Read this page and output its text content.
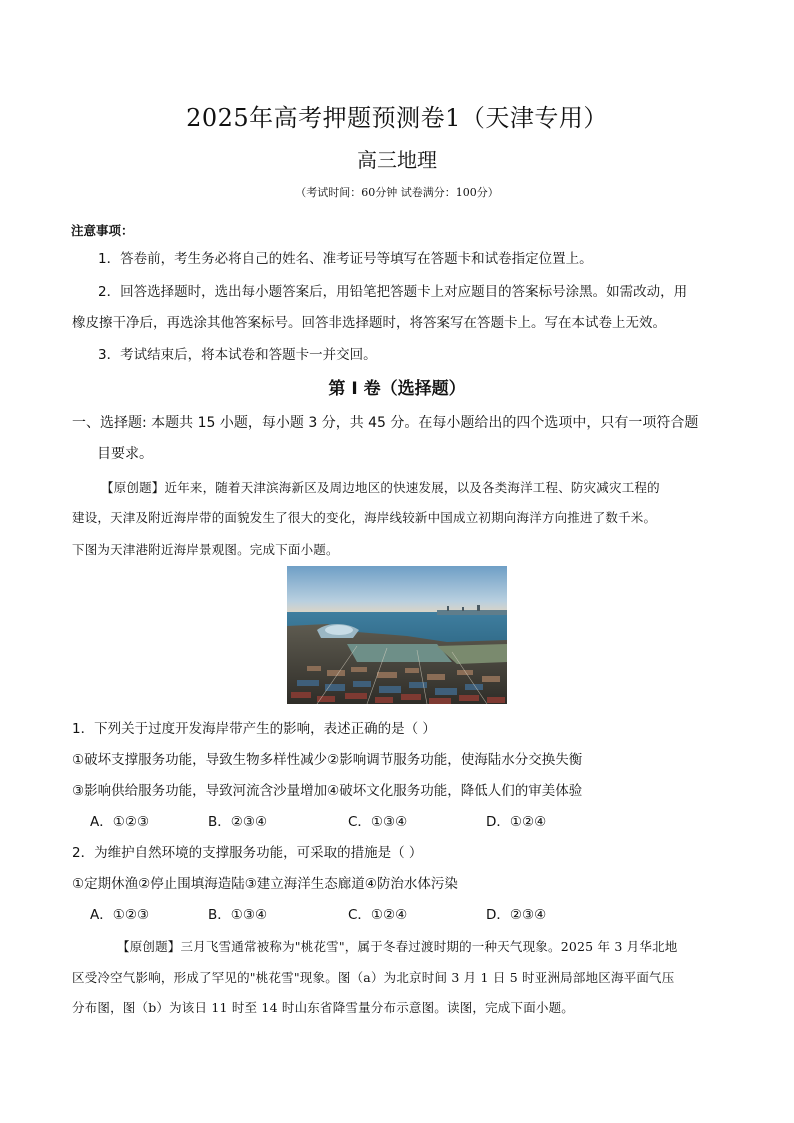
2025年高考押题预测卷1（天津专用）
高三地理
（考试时间：60分钟 试卷满分：100分）
注意事项：
1．答卷前，考生务必将自己的姓名、准考证号等填写在答题卡和试卷指定位置上。
2．回答选择题时，选出每小题答案后，用铅笔把答题卡上对应题目的答案标号涂黑。如需改动，用
橡皮擦干净后，再选涂其他答案标号。回答非选择题时，将答案写在答题卡上。写在本试卷上无效。
3．考试结束后，将本试卷和答题卡一并交回。
第 I 卷（选择题）
一、选择题: 本题共 15 小题，每小题 3 分，共 45 分。在每小题给出的四个选项中，只有一项符合题
目要求。
【原创题】近年来，随着天津滨海新区及周边地区的快速发展，以及各类海洋工程、防灾减灾工程的
建设，天津及附近海岸带的面貌发生了很大的变化，海岸线较新中国成立初期向海洋方向推进了数千米。
下图为天津港附近海岸景观图。完成下面小题。
1．下列关于过度开发海岸带产生的影响，表述正确的是（ ）
①破坏支撑服务功能，导致生物多样性减少②影响调节服务功能，使海陆水分交换失衡
③影响供给服务功能，导致河流含沙量增加④破坏文化服务功能，降低人们的审美体验
A．①②③	B．②③④	C．①③④	D．①②④
2．为维护自然环境的支撑服务功能，可采取的措施是（ ）
①定期休渔②停止围填海造陆③建立海洋生态廊道④防治水体污染
A．①②③	B．①③④	C．①②④	D．②③④
【原创题】三月飞雪通常被称为"桃花雪"，属于冬春过渡时期的一种天气现象。2025 年 3 月华北地
区受冷空气影响，形成了罕见的"桃花雪"现象。图（a）为北京时间 3 月 1 日 5 时亚洲局部地区海平面气压
分布图，图（b）为该日 11 时至 14 时山东省降雪量分布示意图。读图，完成下面小题。
